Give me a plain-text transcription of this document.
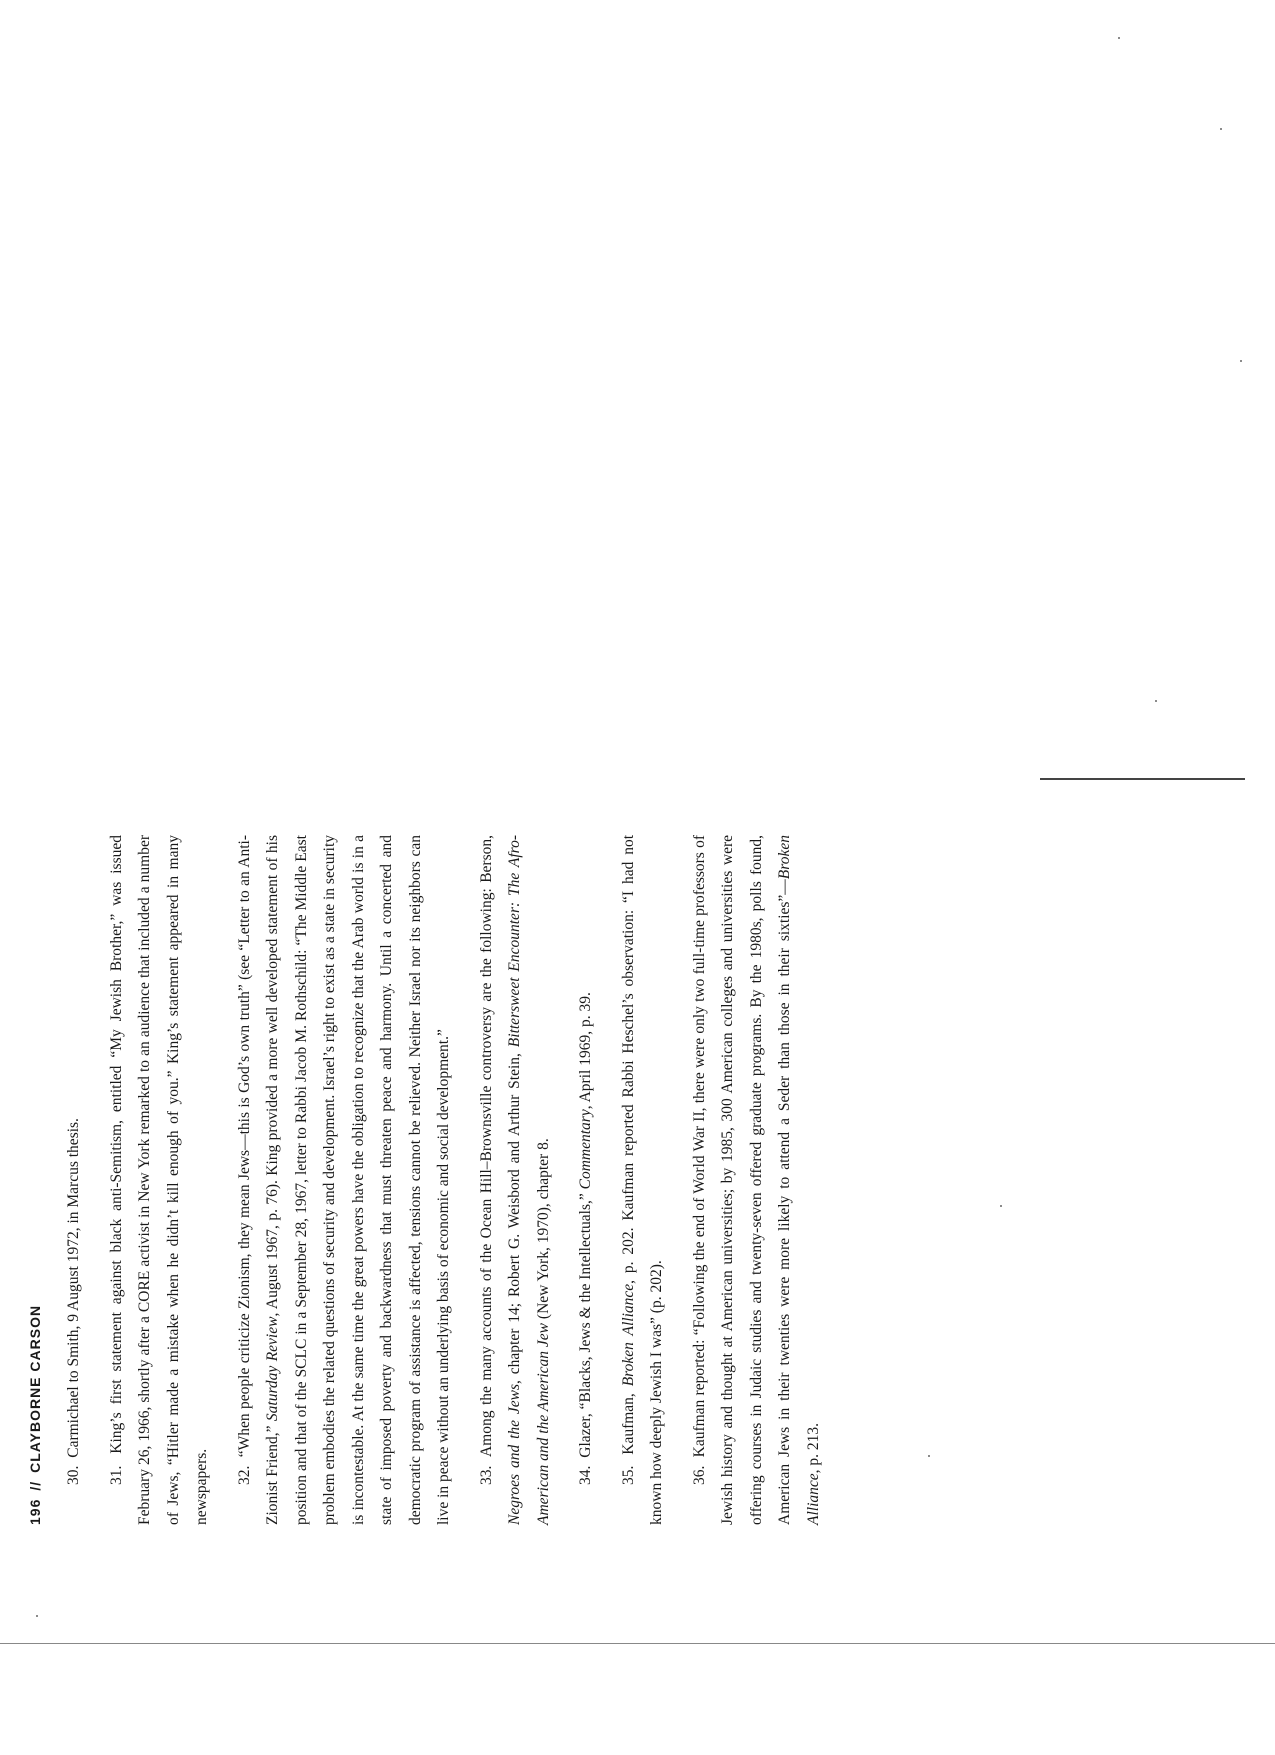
196//CLAYBORNE CARSON

30. Carmichael to Smith, 9 August 1972, in Marcus thesis.

31. King’s first statement against black anti-Semitism, entitled “My Jewish Brother,” was issued February 26, 1966, shortly after a CORE activist in New York remarked to an audience that included a number of Jews, “Hitler made a mistake when he didn’t kill enough of you.” King’s statement appeared in many newspapers.	32. “When people criticize Zionism, they mean Jews—this is God’s own truth” (see “Letter to an Anti-Zionist Friend,” Saturday Review, August 1967, p. 76). King provided a more well developed statement of his position and that of the SCLC in a September 28, 1967, letter to Rabbi Jacob M. Rothschild: “The Middle East problem embodies the related questions of security and development. Israel’s right to exist as a state in security is incontestable. At the same time the great powers have the obligation to recognize that the Arab world is in a state of imposed poverty and backwardness that must threaten peace and harmony. Until a concerted and democratic program of assistance is affected, tensions cannot be relieved. Neither Israel nor its neighbors can live in peace without an underlying basis of economic and social development.”	33. Among the many accounts of the Ocean Hill–Brownsville controversy are the following: Berson, Negroes and the Jews, chapter 14; Robert G. Weisbord and Arthur Stein, Bittersweet Encounter: The Afro-American and the American Jew (New York, 1970), chapter 8.

34. Glazer, “Blacks, Jews & the Intellectuals,” Commentary, April 1969, p. 39.

35. Kaufman, Broken Alliance, p. 202. Kaufman reported Rabbi Heschel’s observation: “I had not known how deeply Jewish I was” (p. 202).	36. Kaufman reported: “Following the end of World War II, there were only two full-time professors of Jewish history and thought at American universities; by 1985, 300 American colleges and universities were offering courses in Judaic studies and twenty-seven offered graduate programs. By the 1980s, polls found, American Jews in their twenties were more likely to attend a Seder than those in their sixties”—Broken Alliance, p. 213.
